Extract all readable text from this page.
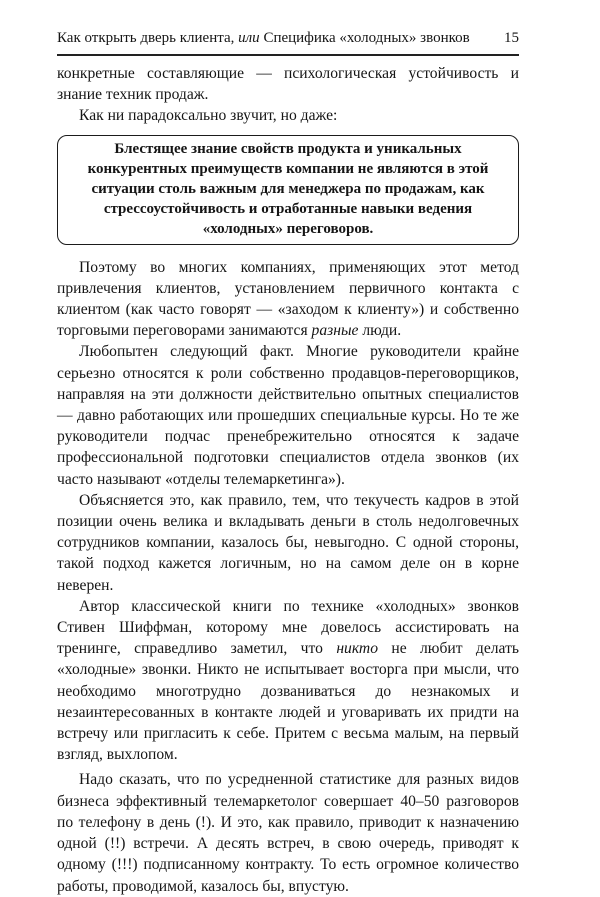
Как открыть дверь клиента, или Специфика «холодных» звонков 15

конкретные составляющие — психологическая устойчивость и знание техник продаж.

Как ни парадоксально звучит, но даже:

Блестящее знание свойств продукта и уникальных конкурентных преимуществ компании не являются в этой ситуации столь важным для менеджера по продажам, как стрессоустойчивость и отработанные навыки ведения «холодных» переговоров.

Поэтому во многих компаниях, применяющих этот метод привлечения клиентов, установлением первичного контакта с клиентом (как часто говорят — «заходом к клиенту») и собственно торговыми переговорами занимаются разные люди.

Любопытен следующий факт. Многие руководители крайне серьезно относятся к роли собственно продавцов-переговорщиков, направляя на эти должности действительно опытных специалистов — давно работающих или прошедших специальные курсы. Но те же руководители подчас пренебрежительно относятся к задаче профессиональной подготовки специалистов отдела звонков (их часто называют «отделы телемаркетинга»).

Объясняется это, как правило, тем, что текучесть кадров в этой позиции очень велика и вкладывать деньги в столь недолговечных сотрудников компании, казалось бы, невыгодно. С одной стороны, такой подход кажется логичным, но на самом деле он в корне неверен.

Автор классической книги по технике «холодных» звонков Стивен Шиффман, которому мне довелось ассистировать на тренинге, справедливо заметил, что никто не любит делать «холодные» звонки. Никто не испытывает восторга при мысли, что необходимо многотрудно дозваниваться до незнакомых и незаинтересованных в контакте людей и уговаривать их придти на встречу или пригласить к себе. Притем с весьма малым, на первый взгляд, выхлопом.

Надо сказать, что по усредненной статистике для разных видов бизнеса эффективный телемаркетолог совершает 40–50 разговоров по телефону в день (!). И это, как правило, приводит к назначению одной (!!) встречи. А десять встреч, в свою очередь, приводят к одному (!!!) подписанному контракту. То есть огромное количество работы, проводимой, казалось бы, впустую.
